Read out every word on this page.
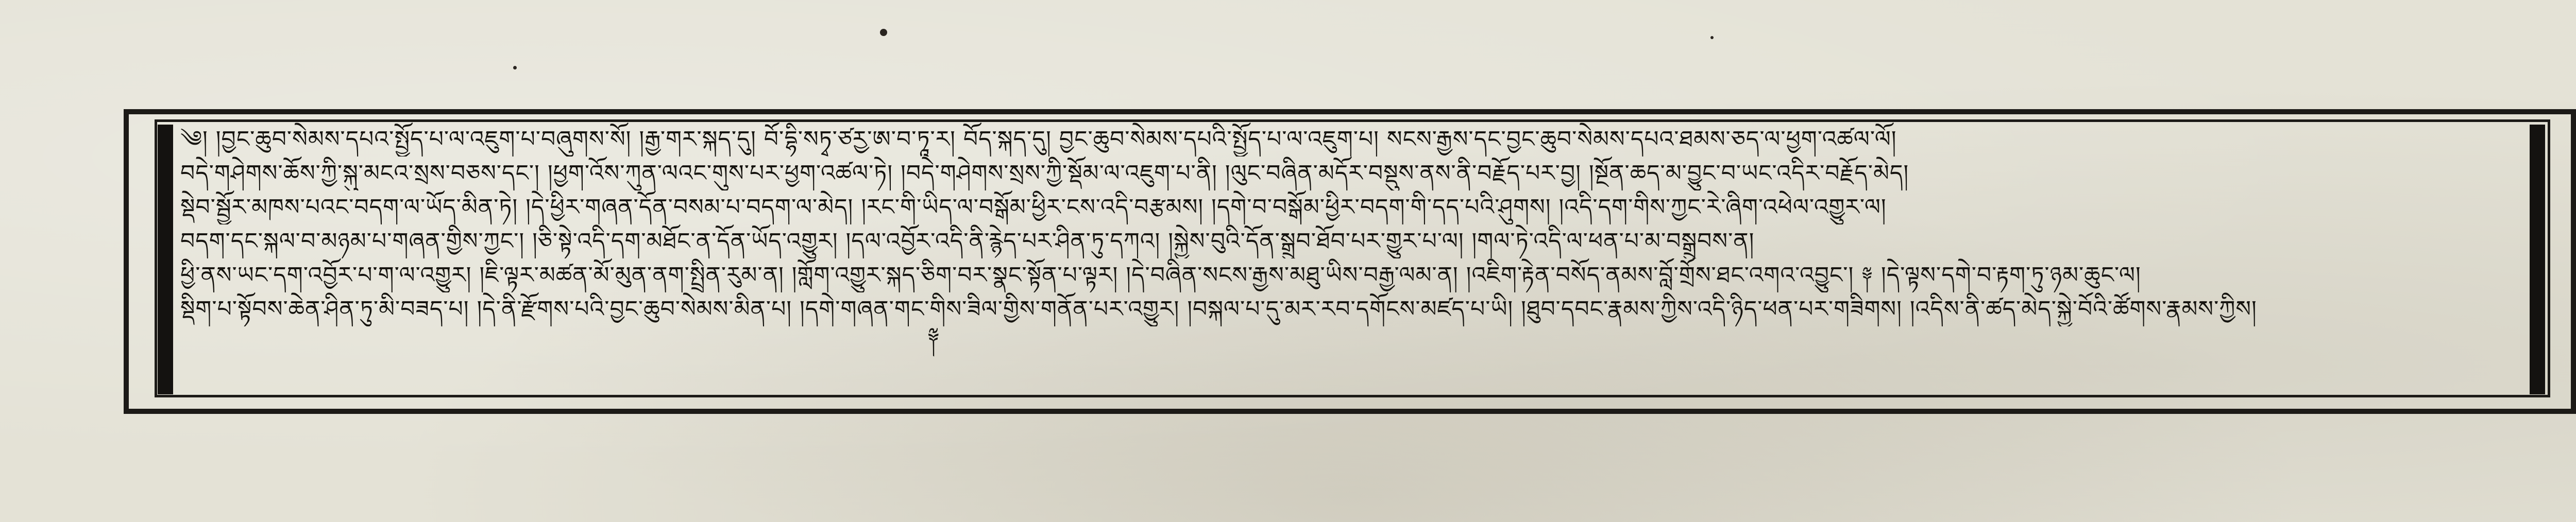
༄། །བྱང་ཆུབ་སེམས་དཔའ་སྤྱོད་པ་ལ་འཇུག་པ་བཞུགས་སོ། །རྒྱ་གར་སྐད་དུ། བོ་དྷི་སཏྭ་ཙརྱ་ཨ་བ་ཏཱ་ར། བོད་སྐད་དུ། བྱང་ཆུབ་སེམས་དཔའི་སྤྱོད་པ་ལ་འཇུག་པ། སངས་རྒྱས་དང་བྱང་ཆུབ་སེམས་དཔའ་ཐམས་ཅད་ལ་ཕྱག་འཚལ་ལོ།
བདེ་གཤེགས་ཆོས་ཀྱི་སྐུ་མངའ་སྲས་བཅས་དང་། །ཕྱག་འོས་ཀུན་ལའང་གུས་པར་ཕྱག་འཚལ་ཏེ། །བདེ་གཤེགས་སྲས་ཀྱི་སྡོམ་ལ་འཇུག་པ་ནི། །ལུང་བཞིན་མདོར་བསྡུས་ནས་ནི་བརྗོད་པར་བྱ། །སྔོན་ཆད་མ་བྱུང་བ་ཡང་འདིར་བརྗོད་མེད།
སྡེབ་སྦྱོར་མཁས་པའང་བདག་ལ་ཡོད་མིན་ཏེ། །དེ་ཕྱིར་གཞན་དོན་བསམ་པ་བདག་ལ་མེད། །རང་གི་ཡིད་ལ་བསྒོམ་ཕྱིར་ངས་འདི་བརྩམས། །དགེ་བ་བསྒོམ་ཕྱིར་བདག་གི་དད་པའི་ཤུགས། །འདི་དག་གིས་ཀྱང་རེ་ཞིག་འཕེལ་འགྱུར་ལ།
བདག་དང་སྐལ་བ་མཉམ་པ་གཞན་གྱིས་ཀྱང་། །ཅི་སྟེ་འདི་དག་མཐོང་ན་དོན་ཡོད་འགྱུར། །དལ་འབྱོར་འདི་ནི་རྙེད་པར་ཤིན་ཏུ་དཀའ། །སྐྱེས་བུའི་དོན་སྒྲུབ་ཐོབ་པར་གྱུར་པ་ལ། །གལ་ཏེ་འདི་ལ་ཕན་པ་མ་བསྒྲུབས་ན།
ཕྱི་ནས་ཡང་དག་འབྱོར་པ་ག་ལ་འགྱུར། །ཇི་ལྟར་མཚན་མོ་མུན་ནག་སྤྲིན་རུམ་ན། །གློག་འགྱུར་སྐད་ཅིག་བར་སྣང་སྟོན་པ་ལྟར། །དེ་བཞིན་སངས་རྒྱས་མཐུ་ཡིས་བརྒྱ་ལམ་ན། །འཇིག་རྟེན་བསོད་ནམས་བློ་གྲོས་ཐང་འགའ་འབྱུང་། ༈ །དེ་ལྟས་དགེ་བ་རྟག་ཏུ་ཉམ་ཆུང་ལ།
སྡིག་པ་སྟོབས་ཆེན་ཤིན་ཏུ་མི་བཟད་པ། །དེ་ནི་རྫོགས་པའི་བྱང་ཆུབ་སེམས་མིན་པ། །དགེ་གཞན་གང་གིས་ཟིལ་གྱིས་གནོན་པར་འགྱུར། །བསྐལ་པ་དུ་མར་རབ་དགོངས་མཛད་པ་ཡི། །ཐུབ་དབང་རྣམས་ཀྱིས་འདི་ཉིད་ཕན་པར་གཟིགས། །འདིས་ནི་ཚད་མེད་སྐྱེ་བོའི་ཚོགས་རྣམས་ཀྱིས།
༈
